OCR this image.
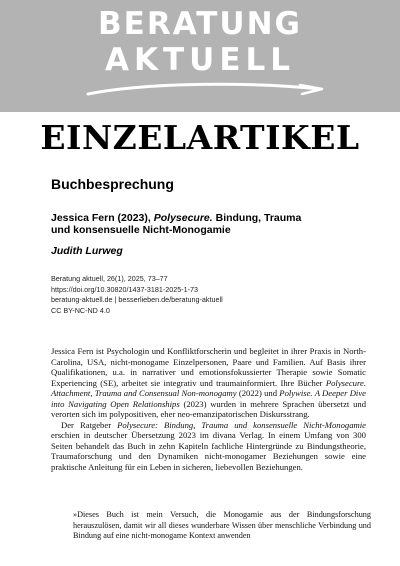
BERATUNG
AKTUELL
EINZELARTIKEL
Buchbesprechung
Jessica Fern (2023), Polysecure. Bindung, Trauma
und konsensuelle Nicht-Monogamie
Judith Lurweg
Beratung aktuell, 26(1), 2025, 73–77
https://doi.org/10.30820/1437-3181-2025-1-73
beratung-aktuell.de | besserlieben.de/beratung-aktuell
CC BY-NC-ND 4.0

Jessica Fern ist Psychologin und Konfliktforscherin und begleitet in ihrer Praxis in North-Carolina, USA, nicht-monogame Einzelpersonen, Paare und Familien. Auf Basis ihrer Qualifikationen, u.a. in narrativer und emotionsfokussierter Therapie sowie Somatic Experiencing (SE), arbeitet sie integrativ und traumainformiert. Ihre Bücher Polysecure. Attachment, Trauma and Consensual Non-monogamy (2022) und Polywise. A Deeper Dive into Navigating Open Relationships (2023) wurden in mehrere Sprachen übersetzt und verorten sich im polypositiven, eher neo-emanzipatorischen Diskursstrang.

Der Ratgeber Polysecure: Bindung, Trauma und konsensuelle Nicht-Monogamie erschien in deutscher Übersetzung 2023 im divana Verlag. In einem Umfang von 300 Seiten behandelt das Buch in zehn Kapiteln fachliche Hintergründe zu Bindungstheorie, Traumaforschung und den Dynamiken nicht-monogamer Beziehungen sowie eine praktische Anleitung für ein Leben in sicheren, liebevollen Beziehungen.

»Dieses Buch ist mein Versuch, die Monogamie aus der Bindungsforschung herauszulösen, damit wir all dieses wunderbare Wissen über menschliche Verbindung und Bindung auf eine nicht-monogame Kontext anwenden
